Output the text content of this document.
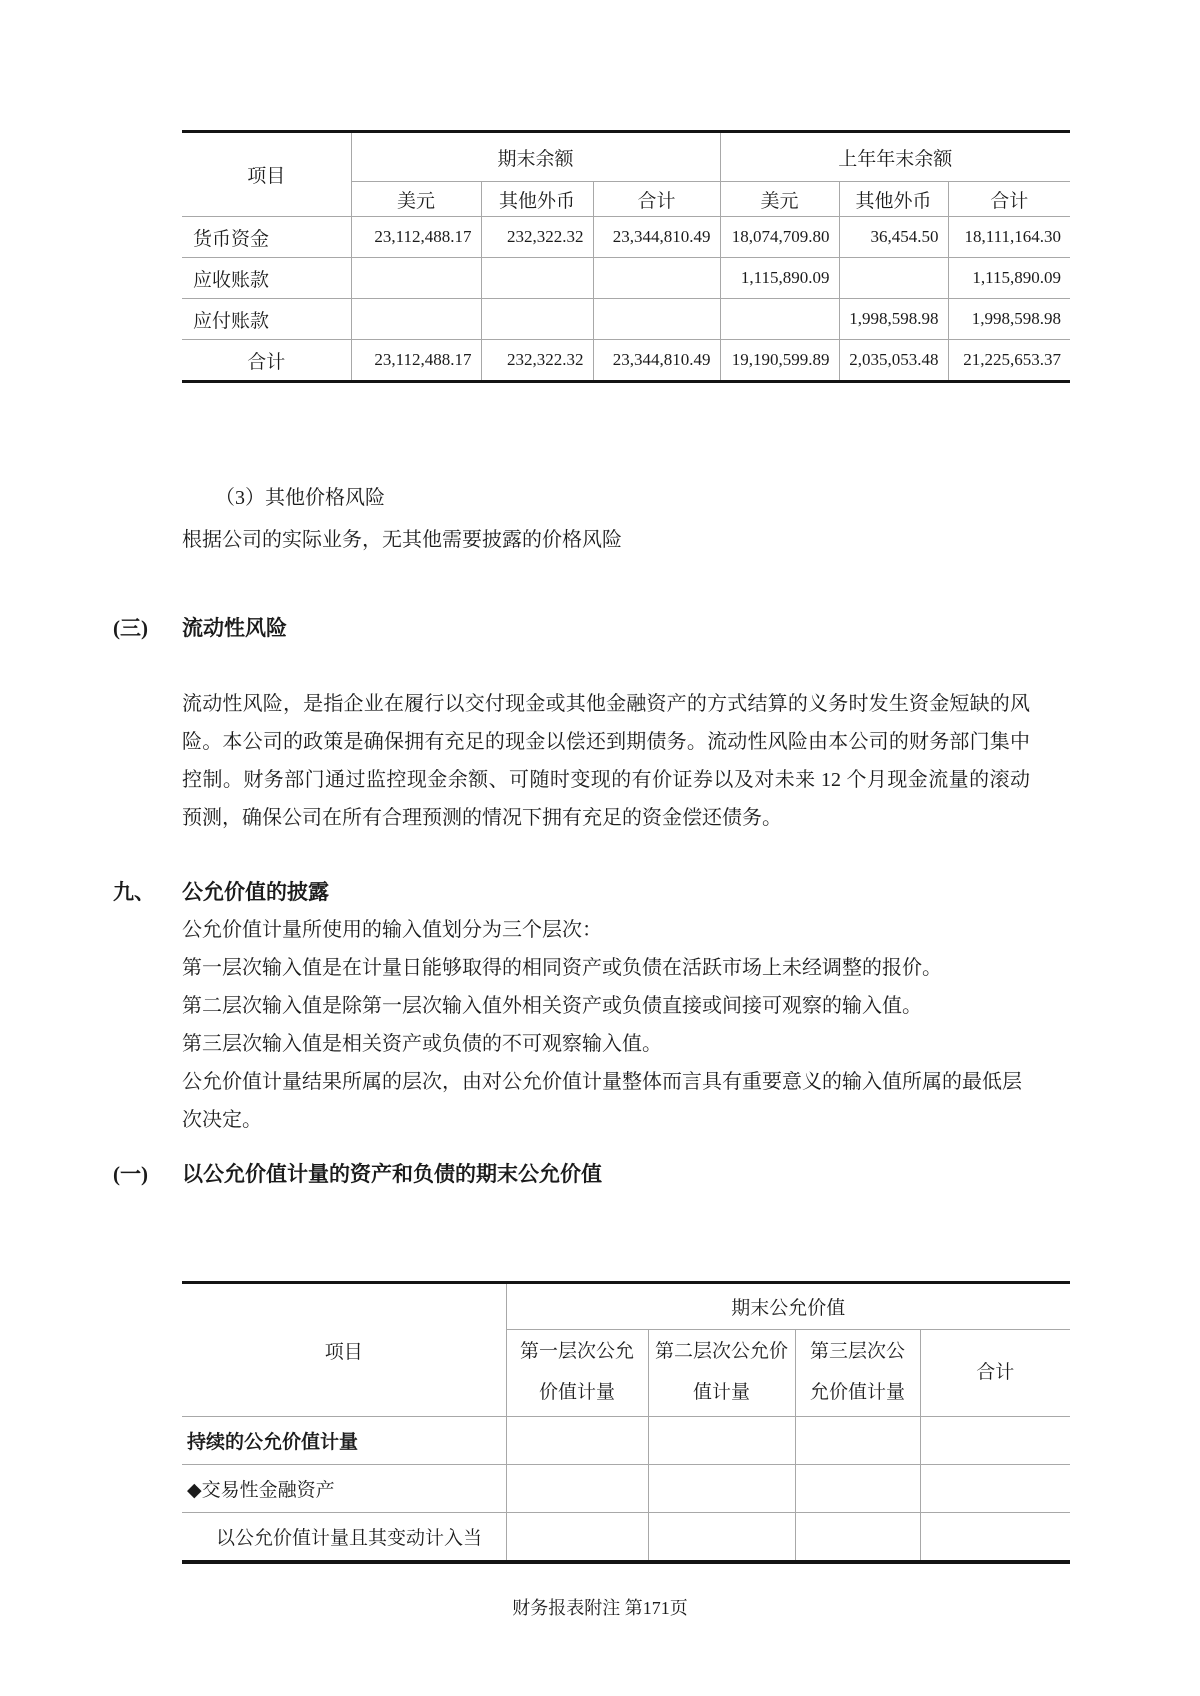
项目	期末余额			上年年末余额		
	美元	其他外币	合计	美元	其他外币	合计
货币资金	23,112,488.17	232,322.32	23,344,810.49	18,074,709.80	36,454.50	18,111,164.30
应收账款				1,115,890.09		1,115,890.09
应付账款					1,998,598.98	1,998,598.98
合计	23,112,488.17	232,322.32	23,344,810.49	19,190,599.89	2,035,053.48	21,225,653.37
（3）其他价格风险
根据公司的实际业务，无其他需要披露的价格风险
(三)	流动性风险

流动性风险，是指企业在履行以交付现金或其他金融资产的方式结算的义务时发生资金短缺的风险。本公司的政策是确保拥有充足的现金以偿还到期债务。流动性风险由本公司的财务部门集中控制。财务部门通过监控现金余额、可随时变现的有价证券以及对未来 12 个月现金流量的滚动预测，确保公司在所有合理预测的情况下拥有充足的资金偿还债务。

九、	公允价值的披露
公允价值计量所使用的输入值划分为三个层次：
第一层次输入值是在计量日能够取得的相同资产或负债在活跃市场上未经调整的报价。
第二层次输入值是除第一层次输入值外相关资产或负债直接或间接可观察的输入值。
第三层次输入值是相关资产或负债的不可观察输入值。
公允价值计量结果所属的层次，由对公允价值计量整体而言具有重要意义的输入值所属的最低层次决定。
(一)	以公允价值计量的资产和负债的期末公允价值
项目	期末公允价值			
	第一层次公允价值计量	第二层次公允价值计量	第三层次公允价值计量	合计
持续的公允价值计量				
◆交易性金融资产				
以公允价值计量且其变动计入当				
财务报表附注 第171页
